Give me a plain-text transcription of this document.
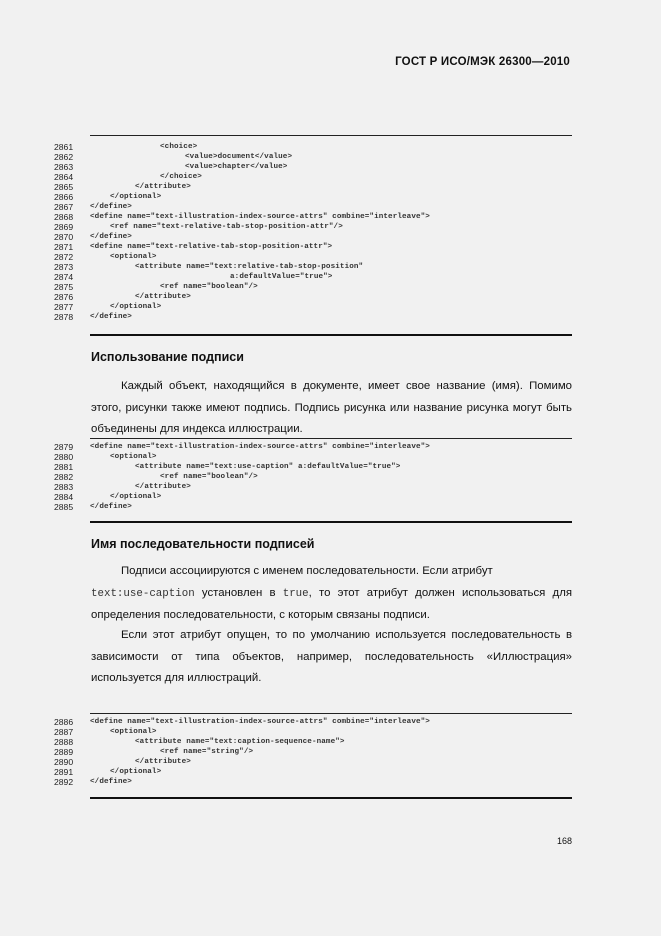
ГОСТ Р ИСО/МЭК 26300—2010
2861	<choice>
2862	<value>document</value>
2863	<value>chapter</value>
2864	</choice>
2865	</attribute>
2866	</optional>
2867	</define>
2868	<define name="text-illustration-index-source-attrs" combine="interleave">
2869	<ref name="text-relative-tab-stop-position-attr"/>
2870	</define>
2871	<define name="text-relative-tab-stop-position-attr">
2872	<optional>
2873	<attribute name="text:relative-tab-stop-position"
2874	a:defaultValue="true">
2875	<ref name="boolean"/>
2876	</attribute>
2877	</optional>
2878	</define>
Использование подписи
Каждый объект, находящийся в документе, имеет свое название (имя). Помимо этого, рисунки также имеют подпись. Подпись рисунка или название рисунка могут быть объединены для индекса иллюстрации.
2879	<define name="text-illustration-index-source-attrs" combine="interleave">
2880	<optional>
2881	<attribute name="text:use-caption" a:defaultValue="true">
2882	<ref name="boolean"/>
2883	</attribute>
2884	</optional>
2885	</define>
Имя последовательности подписей
Подписи ассоциируются с именем последовательности. Если атрибут
text:use-caption установлен в true, то этот атрибут должен использоваться для определения последовательности, с которым связаны подписи.
Если этот атрибут опущен, то по умолчанию используется последовательность в зависимости от типа объектов, например, последовательность «Иллюстрация» используется для иллюстраций.
2886	<define name="text-illustration-index-source-attrs" combine="interleave">
2887	<optional>
2888	<attribute name="text:caption-sequence-name">
2889	<ref name="string"/>
2890	</attribute>
2891	</optional>
2892	</define>
168
